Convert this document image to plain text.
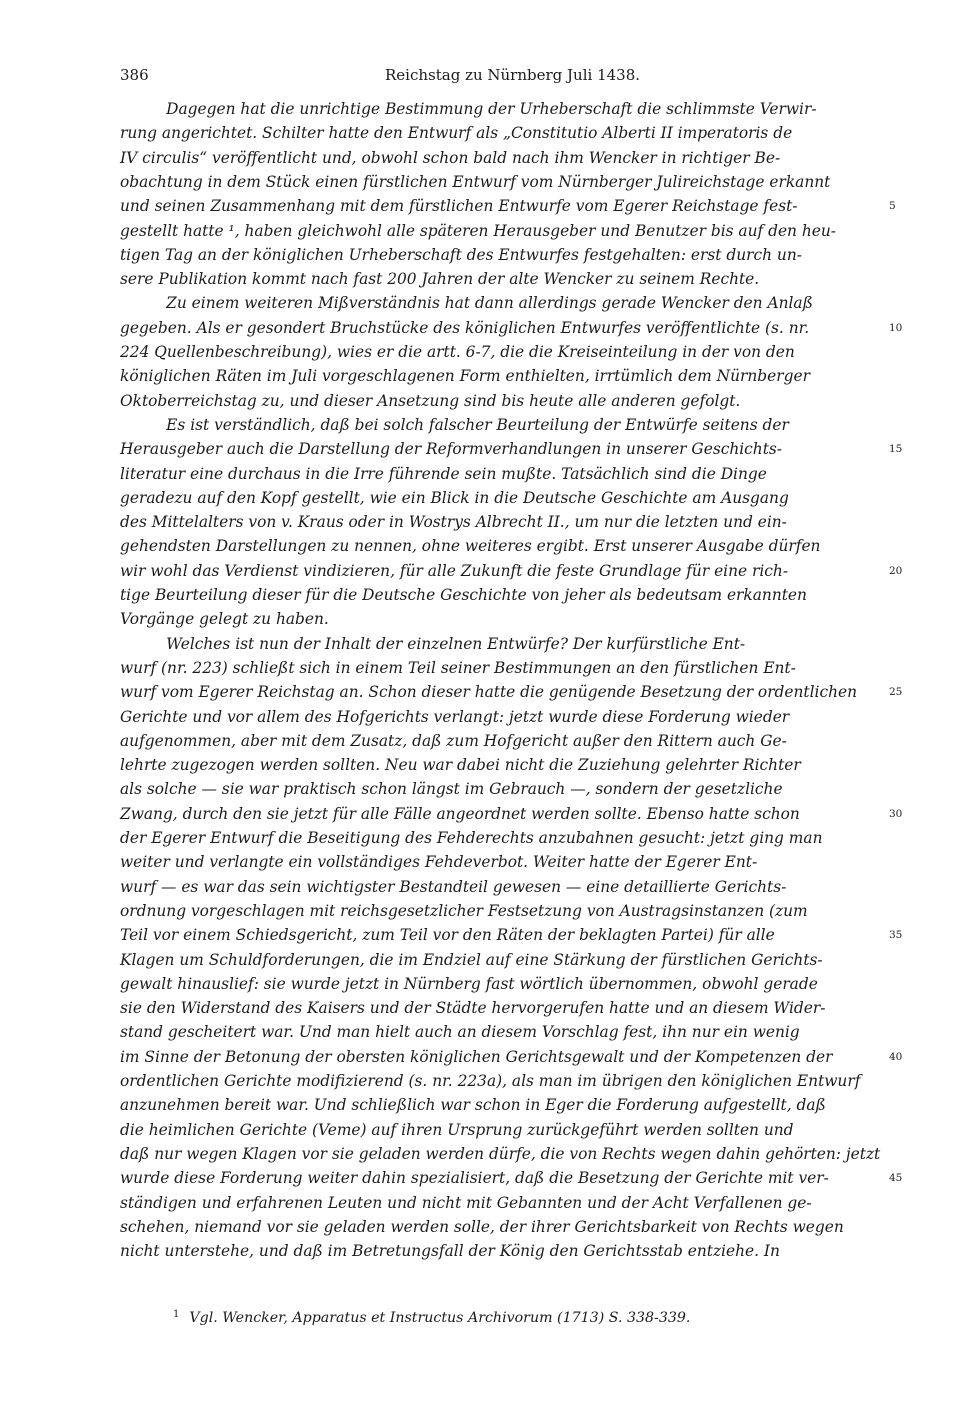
386	Reichstag zu Nürnberg Juli 1438.
   Dagegen hat die unrichtige Bestimmung der Urheberschaft die schlimmste Verwir-
rung angerichtet. Schilter hatte den Entwurf als „Constitutio Alberti II imperatoris de
IV circulis“ veröffentlicht und, obwohl schon bald nach ihm Wencker in richtiger Be-
obachtung in dem Stück einen fürstlichen Entwurf vom Nürnberger Julireichstage erkannt
und seinen Zusammenhang mit dem fürstlichen Entwurfe vom Egerer Reichstage fest-
gestellt hatte ¹, haben gleichwohl alle späteren Herausgeber und Benutzer bis auf den heu-
tigen Tag an der königlichen Urheberschaft des Entwurfes festgehalten: erst durch un-
sere Publikation kommt nach fast 200 Jahren der alte Wencker zu seinem Rechte.
   Zu einem weiteren Mißverständnis hat dann allerdings gerade Wencker den Anlaß
gegeben. Als er gesondert Bruchstücke des königlichen Entwurfes veröffentlichte (s. nr.
224 Quellenbeschreibung), wies er die artt. 6-7, die die Kreiseinteilung in der von den
königlichen Räten im Juli vorgeschlagenen Form enthielten, irrtümlich dem Nürnberger
Oktoberreichstag zu, und dieser Ansetzung sind bis heute alle anderen gefolgt.
   Es ist verständlich, daß bei solch falscher Beurteilung der Entwürfe seitens der
Herausgeber auch die Darstellung der Reformverhandlungen in unserer Geschichts-
literatur eine durchaus in die Irre führende sein mußte. Tatsächlich sind die Dinge
geradezu auf den Kopf gestellt, wie ein Blick in die Deutsche Geschichte am Ausgang
des Mittelalters von v. Kraus oder in Wostrys Albrecht II., um nur die letzten und ein-
gehendsten Darstellungen zu nennen, ohne weiteres ergibt. Erst unserer Ausgabe dürfen
wir wohl das Verdienst vindizieren, für alle Zukunft die feste Grundlage für eine rich-
tige Beurteilung dieser für die Deutsche Geschichte von jeher als bedeutsam erkannten
Vorgänge gelegt zu haben.
   Welches ist nun der Inhalt der einzelnen Entwürfe? Der kurfürstliche Ent-
wurf (nr. 223) schließt sich in einem Teil seiner Bestimmungen an den fürstlichen Ent-
wurf vom Egerer Reichstag an. Schon dieser hatte die genügende Besetzung der ordentlichen
Gerichte und vor allem des Hofgerichts verlangt: jetzt wurde diese Forderung wieder
aufgenommen, aber mit dem Zusatz, daß zum Hofgericht außer den Rittern auch Ge-
lehrte zugezogen werden sollten. Neu war dabei nicht die Zuziehung gelehrter Richter
als solche — sie war praktisch schon längst im Gebrauch —, sondern der gesetzliche
Zwang, durch den sie jetzt für alle Fälle angeordnet werden sollte. Ebenso hatte schon
der Egerer Entwurf die Beseitigung des Fehderechts anzubahnen gesucht: jetzt ging man
weiter und verlangte ein vollständiges Fehdeverbot. Weiter hatte der Egerer Ent-
wurf — es war das sein wichtigster Bestandteil gewesen — eine detaillierte Gerichts-
ordnung vorgeschlagen mit reichsgesetzlicher Festsetzung von Austragsinstanzen (zum
Teil vor einem Schiedsgericht, zum Teil vor den Räten der beklagten Partei) für alle
Klagen um Schuldforderungen, die im Endziel auf eine Stärkung der fürstlichen Gerichts-
gewalt hinauslief: sie wurde jetzt in Nürnberg fast wörtlich übernommen, obwohl gerade
sie den Widerstand des Kaisers und der Städte hervorgerufen hatte und an diesem Wider-
stand gescheitert war. Und man hielt auch an diesem Vorschlag fest, ihn nur ein wenig
im Sinne der Betonung der obersten königlichen Gerichtsgewalt und der Kompetenzen der
ordentlichen Gerichte modifizierend (s. nr. 223a), als man im übrigen den königlichen Entwurf
anzunehmen bereit war. Und schließlich war schon in Eger die Forderung aufgestellt, daß
die heimlichen Gerichte (Veme) auf ihren Ursprung zurückgeführt werden sollten und
daß nur wegen Klagen vor sie geladen werden dürfe, die von Rechts wegen dahin gehörten: jetzt
wurde diese Forderung weiter dahin spezialisiert, daß die Besetzung der Gerichte mit ver-
ständigen und erfahrenen Leuten und nicht mit Gebannten und der Acht Verfallenen ge-
schehen, niemand vor sie geladen werden solle, der ihrer Gerichtsbarkeit von Rechts wegen
nicht unterstehe, und daß im Betretungsfall der König den Gerichtsstab entziehe. In
5
10
15
20
25
30
35
40
45
$^1$ Vgl. Wencker, Apparatus et Instructus Archivorum (1713) S. 338-339.
